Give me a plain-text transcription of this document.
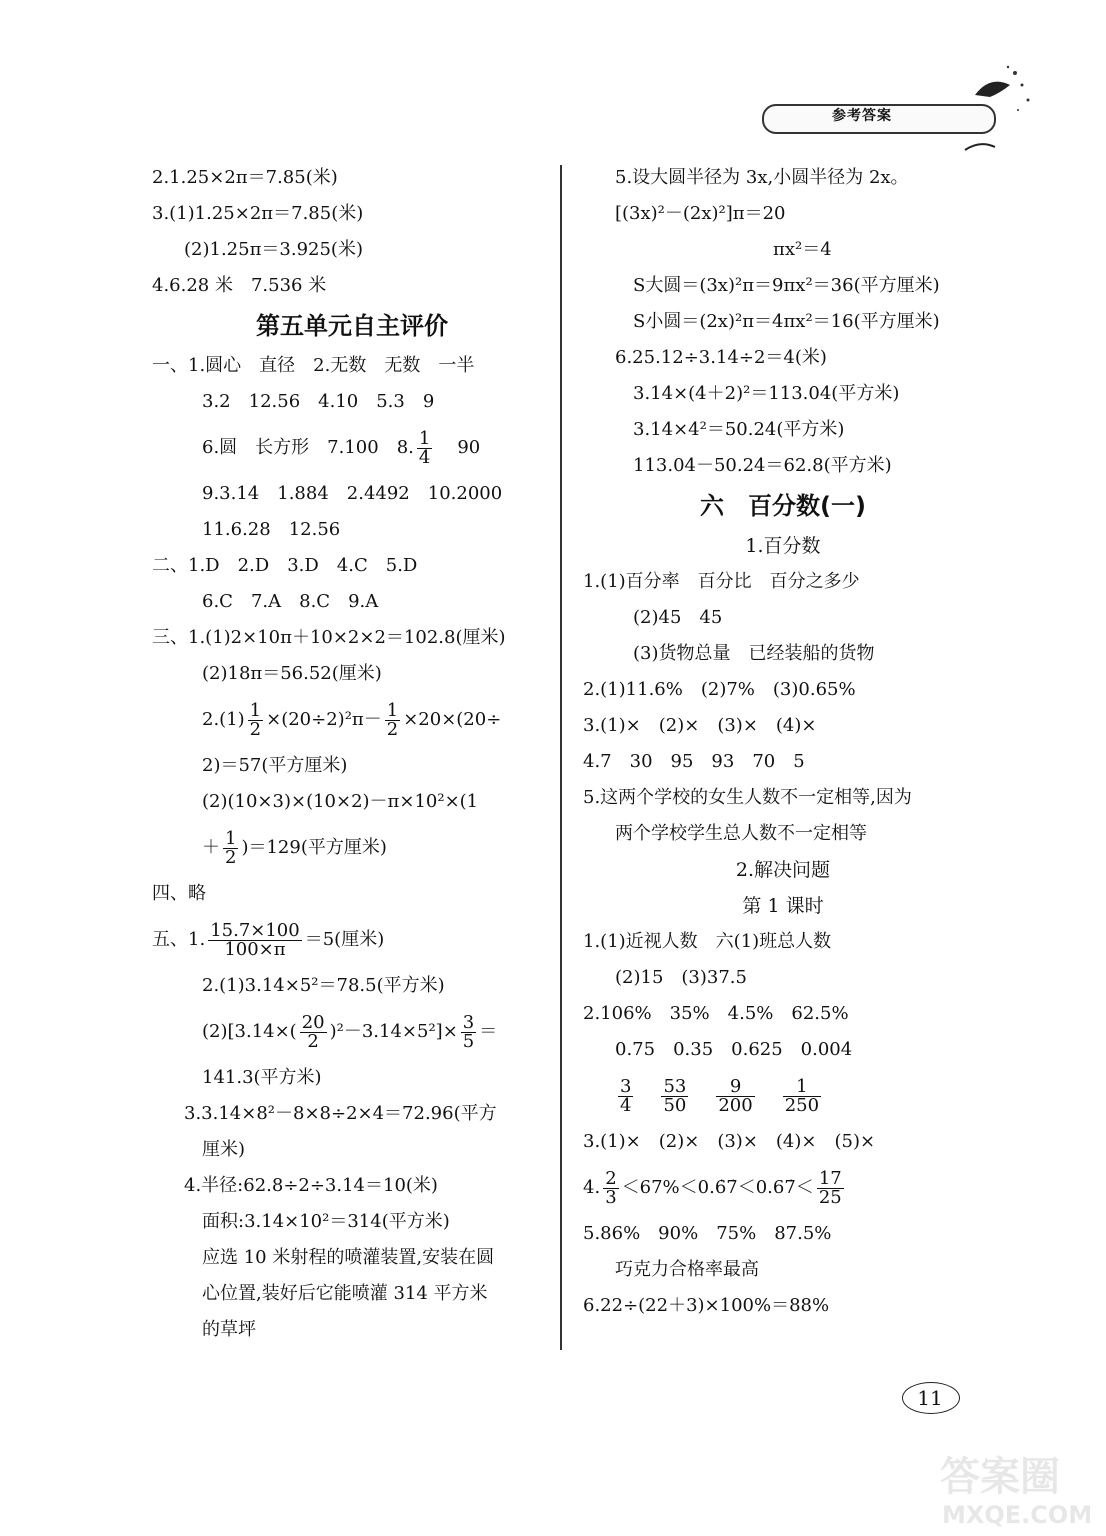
参考答案
2.1.25×2π＝7.85(米)
3.(1)1.25×2π＝7.85(米)
(2)1.25π＝3.925(米)
4.6.28 米　7.536 米
第五单元自主评价
一、1.圆心　直径　2.无数　无数　一半
3.2　12.56　4.10　5.3　9
6.圆　长方形　7.100　8. $\frac{1}{4} 90$
9.3.14　1.884　2.4492　10.2000
11.6.28　12.56
二、1.D　2.D　3.D　4.C　5.D
6.C　7.A　8.C　9.A
三、1.(1)2×10π＋10×2×2＝102.8(厘米)
(2)18π＝56.52(厘米)
$2.(1) \frac{1}{2} \times(20\div 2)^2\pi- \frac{1}{2} \times 20\times(20\div$
2)＝57(平方厘米)
(2)(10×3)×(10×2)－π×10²×(1
＋ $\frac{1}{2} )=129$(平方厘米)
四、略
五、1. $\frac{15.7\times 100}{100\times\pi} =5$(厘米)
2.(1)3.14×5²＝78.5(平方米)
$(2)[3.14\times( \frac{20}{2} )^2-3.14\times 5^2]\times \frac{3}{5}$ ＝
141.3(平方米)
3.3.14×8²－8×8÷2×4＝72.96(平方
厘米)
4.半径:62.8÷2÷3.14＝10(米)
面积:3.14×10²＝314(平方米)
应选 10 米射程的喷灌装置,安装在圆
心位置,装好后它能喷灌 314 平方米
的草坪
5.设大圆半径为 3x,小圆半径为 2x。
[(3x)²－(2x)²]π＝20
πx²＝4
S大圆＝(3x)²π＝9πx²＝36(平方厘米)
S小圆＝(2x)²π＝4πx²＝16(平方厘米)
6.25.12÷3.14÷2＝4(米)
3.14×(4＋2)²＝113.04(平方米)
3.14×4²＝50.24(平方米)
113.04－50.24＝62.8(平方米)
六　百分数(一)
1.百分数
1.(1)百分率　百分比　百分之多少
(2)45　45
(3)货物总量　已经装船的货物
2.(1)11.6%　(2)7%　(3)0.65%
3.(1)×　(2)×　(3)×　(4)×
4.7　30　95　93　70　5
5.这两个学校的女生人数不一定相等,因为
两个学校学生总人数不一定相等
2.解决问题
第 1 课时
1.(1)近视人数　六(1)班总人数
(2)15　(3)37.5
2.106%　35%　4.5%　62.5%
0.75　0.35　0.625　0.004
$\frac{3}{4} \frac{53}{50} \frac{9}{200} \frac{1}{250}$
3.(1)×　(2)×　(3)×　(4)×　(5)×
4. $\frac{2}{3}$ ＜67%＜0.6̇7̇＜0.67̇＜ $\frac{17}{25}$
5.86%　90%　75%　87.5%
巧克力合格率最高
6.22÷(22＋3)×100%＝88%
11
答案圈
MXQE.COM
